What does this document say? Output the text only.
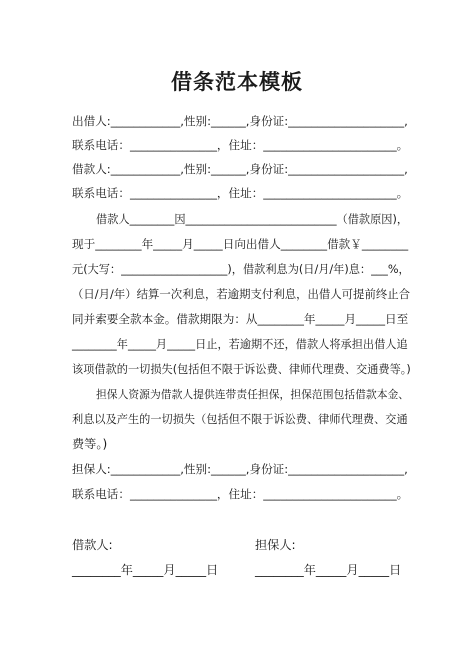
借条范本模板
出借人:____________,性别:______,身份证:____________________,
联系电话：_______________，住址：_______________________。
借款人:____________,性别:______,身份证:____________________,
联系电话：_______________，住址：_______________________。
借款人________因___________________________（借款原因)，
现于________年_____月_____日向出借人________借款￥________
元(大写：___________________)，借款利息为(日/月/年)息：___%，
（日/月/年）结算一次利息，若逾期支付利息，出借人可提前终止合
同并索要全款本金。借款期限为：从________年_____月_____日至
________年_____月_____日止，若逾期不还，借款人将承担出借人追
该项借款的一切损失(包括但不限于诉讼费、律师代理费、交通费等。)
担保人资源为借款人提供连带责任担保，担保范围包括借款本金、
利息以及产生的一切损失（包括但不限于诉讼费、律师代理费、交通
费等。)
担保人:____________,性别:______,身份证:____________________,
联系电话：_______________，住址：_______________________。
借款人:
________年_____月_____日
担保人:
________年_____月_____日
